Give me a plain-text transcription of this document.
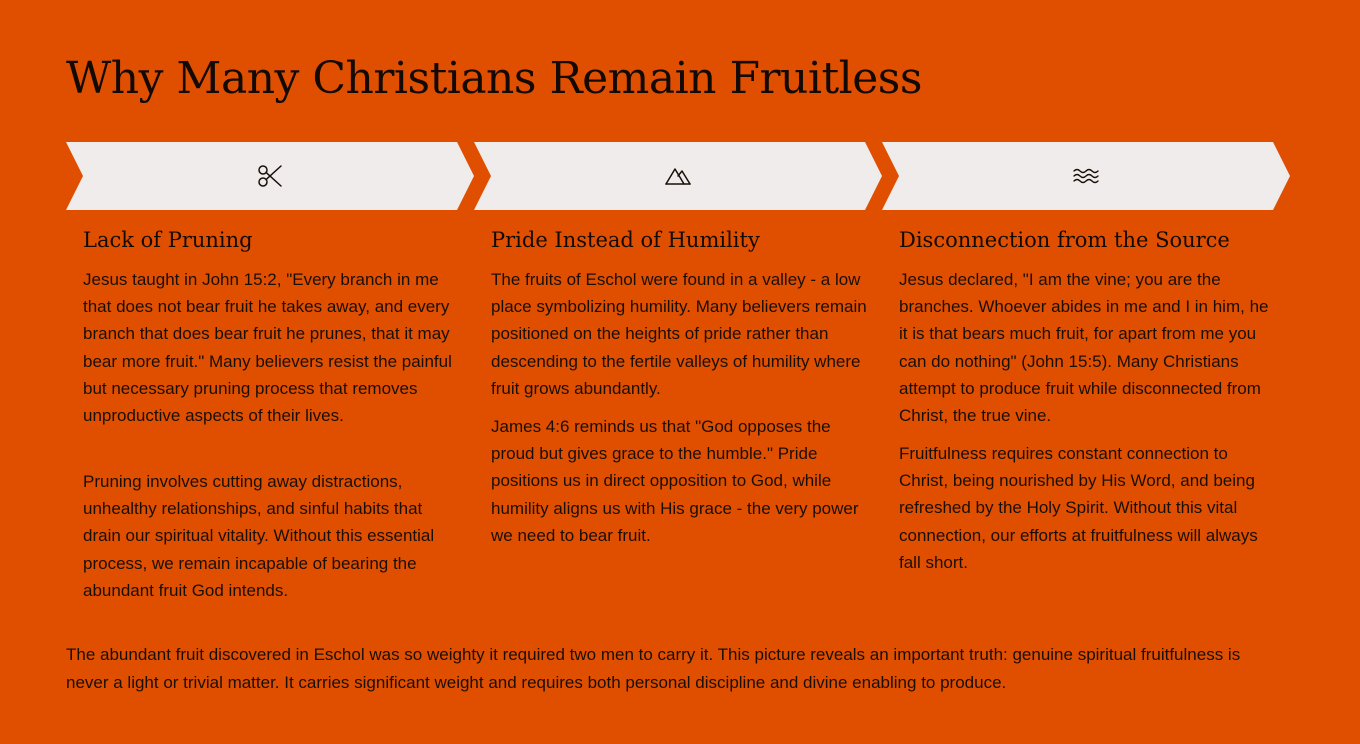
Why Many Christians Remain Fruitless
Lack of Pruning

Jesus taught in John 15:2, "Every branch in me that does not bear fruit he takes away, and every branch that does bear fruit he prunes, that it may bear more fruit." Many believers resist the painful but necessary pruning process that removes unproductive aspects of their lives.

Pruning involves cutting away distractions, unhealthy relationships, and sinful habits that drain our spiritual vitality. Without this essential process, we remain incapable of bearing the abundant fruit God intends.

Pride Instead of Humility

The fruits of Eschol were found in a valley - a low place symbolizing humility. Many believers remain positioned on the heights of pride rather than descending to the fertile valleys of humility where fruit grows abundantly.

James 4:6 reminds us that "God opposes the proud but gives grace to the humble." Pride positions us in direct opposition to God, while humility aligns us with His grace - the very power we need to bear fruit.

Disconnection from the Source

Jesus declared, "I am the vine; you are the branches. Whoever abides in me and I in him, he it is that bears much fruit, for apart from me you can do nothing" (John 15:5). Many Christians attempt to produce fruit while disconnected from Christ, the true vine.

Fruitfulness requires constant connection to Christ, being nourished by His Word, and being refreshed by the Holy Spirit. Without this vital connection, our efforts at fruitfulness will always fall short.

The abundant fruit discovered in Eschol was so weighty it required two men to carry it. This picture reveals an important truth: genuine spiritual fruitfulness is never a light or trivial matter. It carries significant weight and requires both personal discipline and divine enabling to produce.
